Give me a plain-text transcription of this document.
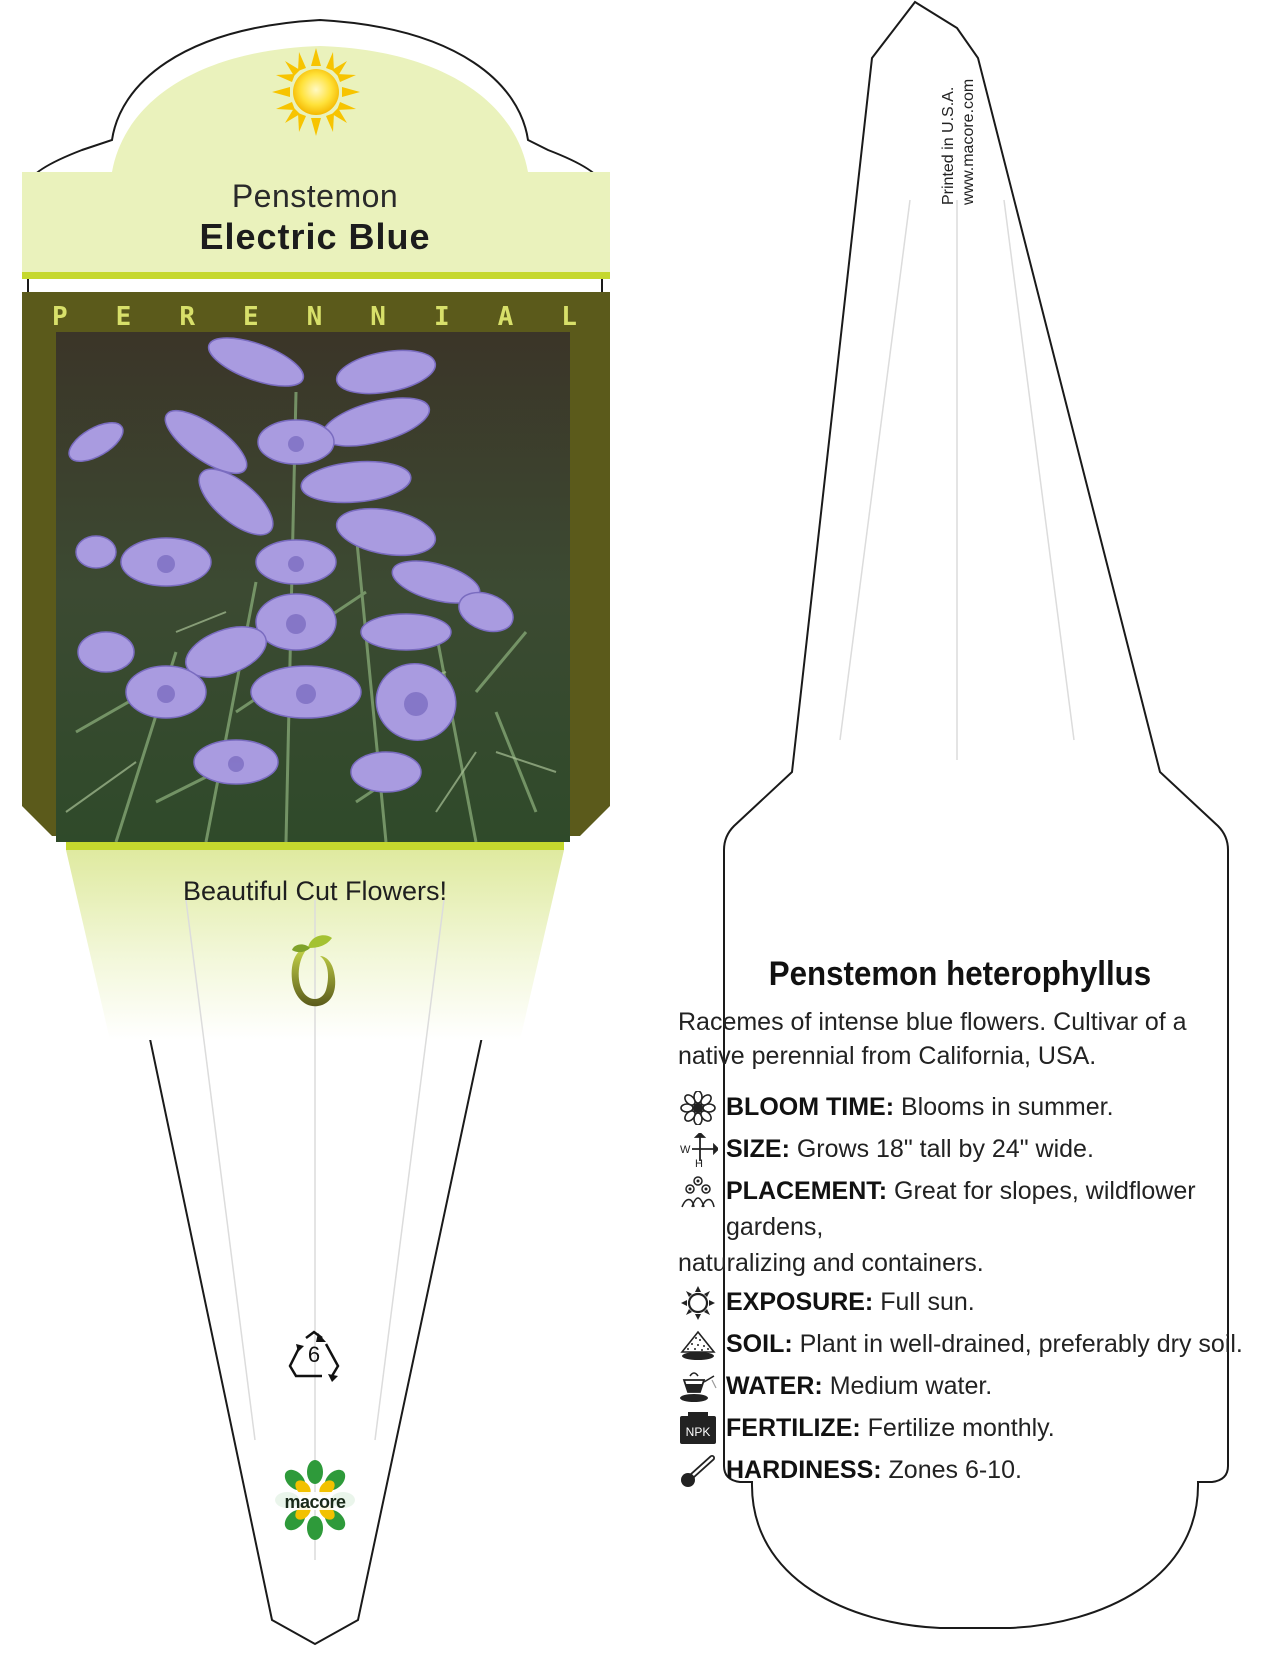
Penstemon
Electric Blue
P E R E N N I A L
Beautiful Cut Flowers!
6
macore
Printed in U.S.A. www.macore.com
Penstemon heterophyllus
Racemes of intense blue flowers. Cultivar of a native perennial from California, USA.
BLOOM TIME: Blooms in summer.
W
H
SIZE: Grows 18" tall by 24" wide.
PLACEMENT: Great for slopes, wildflower gardens,
naturalizing and containers.
EXPOSURE: Full sun.
SOIL: Plant in well-drained, preferably dry soil.
WATER: Medium water.
NPK FERTILIZE: Fertilize monthly.
HARDINESS: Zones 6-10.
